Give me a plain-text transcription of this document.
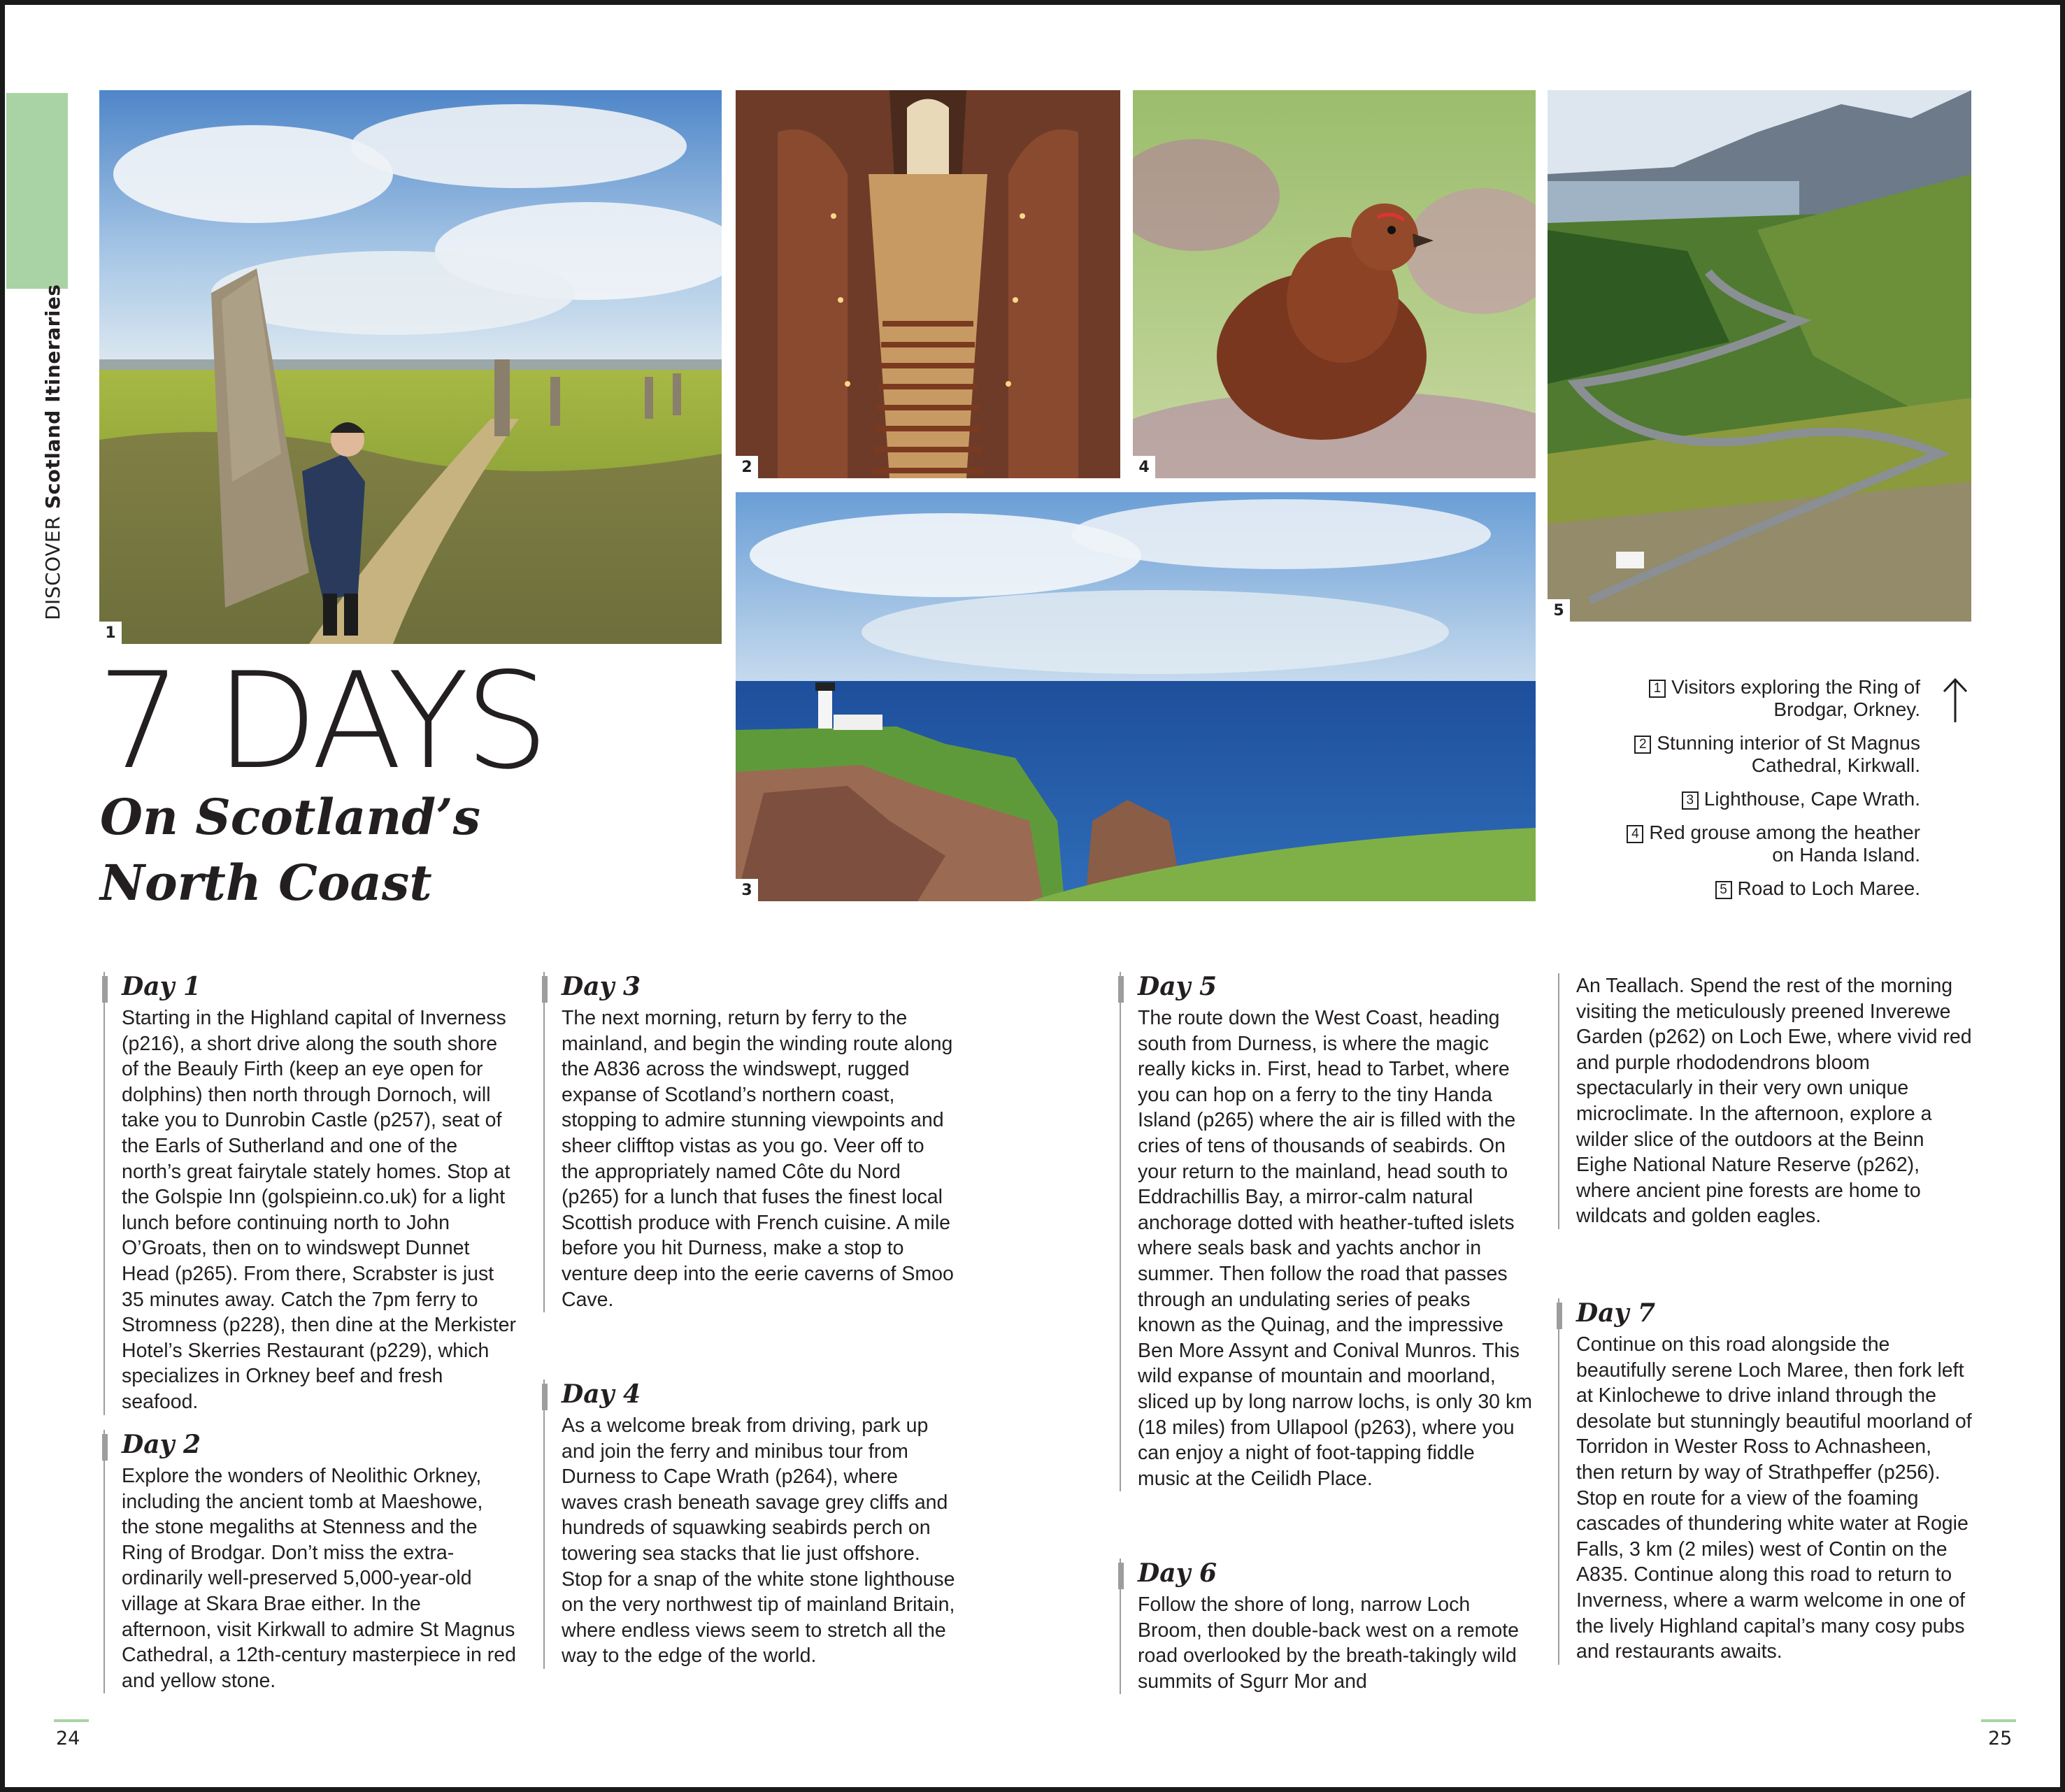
DISCOVERScotland Itineraries
1
2	4
5
3
7 DAYS
On Scotland’s
North Coast
1 Visitors exploring the Ring of Brodgar, Orkney.
2 Stunning interior of St Magnus Cathedral, Kirkwall.
3 Lighthouse, Cape Wrath.
4 Red grouse among the heather on Handa Island.
5 Road to Loch Maree.
Day 1

Starting in the Highland capital of Inverness (p216), a short drive along the south shore of the Beauly Firth (keep an eye open for dolphins) then north through Dornoch, will take you to Dunrobin Castle (p257), seat of the Earls of Sutherland and one of the north’s great fairytale stately homes. Stop at the Golspie Inn (golspieinn.co.uk) for a light lunch before continuing north to John O’Groats, then on to windswept Dunnet Head (p265). From there, Scrabster is just 35 minutes away. Catch the 7pm ferry to Stromness (p228), then dine at the Merkister Hotel’s Skerries Restaurant (p229), which specializes in Orkney beef and fresh seafood.

Day 2

Explore the wonders of Neolithic Orkney, including the ancient tomb at Maeshowe, the stone megaliths at Stenness and the Ring of Brodgar. Don’t miss the extra-ordinarily well-preserved 5,000-year-old village at Skara Brae either. In the afternoon, visit Kirkwall to admire St Magnus Cathedral, a 12th-century masterpiece in red and yellow stone.

Day 3

The next morning, return by ferry to the mainland, and begin the winding route along the A836 across the windswept, rugged expanse of Scotland’s northern coast, stopping to admire stunning viewpoints and sheer clifftop vistas as you go. Veer off to the appropriately named Côte du Nord (p265) for a lunch that fuses the finest local Scottish produce with French cuisine. A mile before you hit Durness, make a stop to venture deep into the eerie caverns of Smoo Cave.

Day 4

As a welcome break from driving, park up and join the ferry and minibus tour from Durness to Cape Wrath (p264), where waves crash beneath savage grey cliffs and hundreds of squawking seabirds perch on towering sea stacks that lie just offshore. Stop for a snap of the white stone lighthouse on the very northwest tip of mainland Britain, where endless views seem to stretch all the way to the edge of the world.

Day 5

The route down the West Coast, heading south from Durness, is where the magic really kicks in. First, head to Tarbet, where you can hop on a ferry to the tiny Handa Island (p265) where the air is filled with the cries of tens of thousands of seabirds. On your return to the mainland, head south to Eddrachillis Bay, a mirror-calm natural anchorage dotted with heather-tufted islets where seals bask and yachts anchor in summer. Then follow the road that passes through an undulating series of peaks known as the Quinag, and the impressive Ben More Assynt and Conival Munros. This wild expanse of mountain and moorland, sliced up by long narrow lochs, is only 30 km (18 miles) from Ullapool (p263), where you can enjoy a night of foot-tapping fiddle music at the Ceilidh Place.

Day 6

Follow the shore of long, narrow Loch Broom, then double-back west on a remote road overlooked by the breath-takingly wild summits of Sgurr Mor and

An Teallach. Spend the rest of the morning visiting the meticulously preened Inverewe Garden (p262) on Loch Ewe, where vivid red and purple rhododendrons bloom spectacularly in their very own unique microclimate. In the afternoon, explore a wilder slice of the outdoors at the Beinn Eighe National Nature Reserve (p262), where ancient pine forests are home to wildcats and golden eagles.

Day 7

Continue on this road alongside the beautifully serene Loch Maree, then fork left at Kinlochewe to drive inland through the desolate but stunningly beautiful moorland of Torridon in Wester Ross to Achnasheen, then return by way of Strathpeffer (p256). Stop en route for a view of the foaming cascades of thundering white water at Rogie Falls, 3 km (2 miles) west of Contin on the A835. Continue along this road to return to Inverness, where a warm welcome in one of the lively Highland capital’s many cosy pubs and restaurants awaits.

24	25
